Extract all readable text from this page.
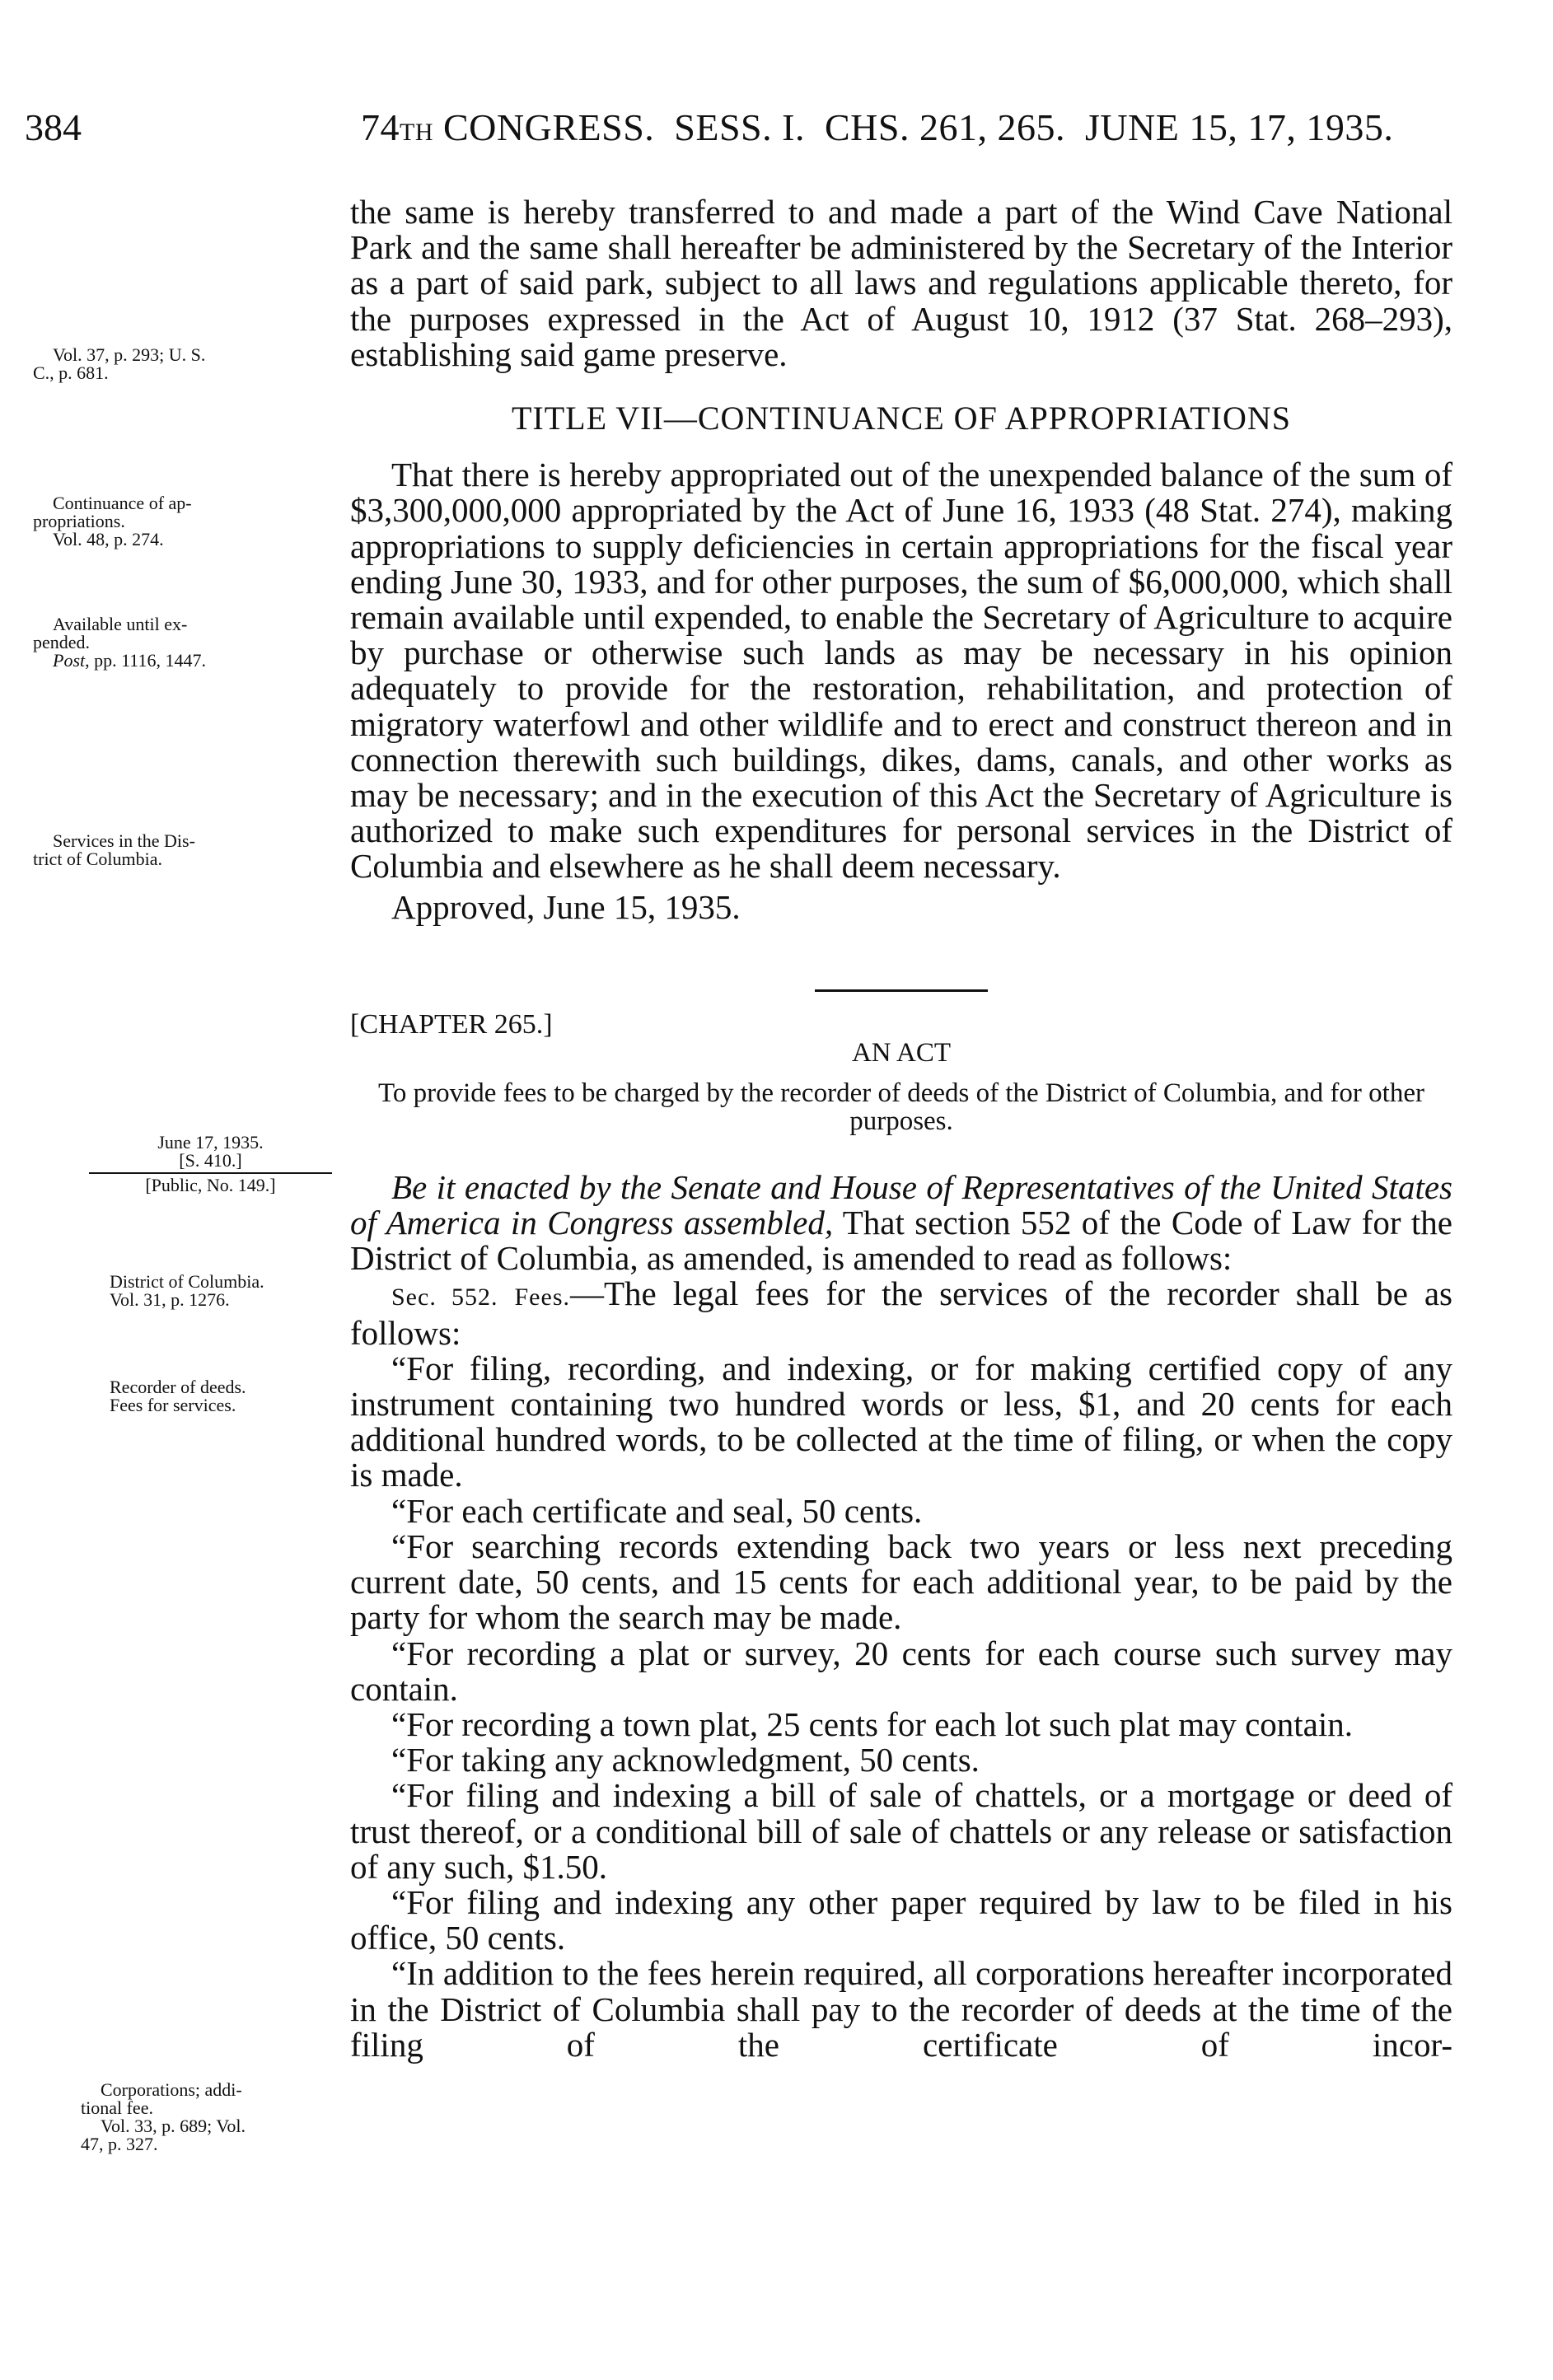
384	74TH CONGRESS.  SESS. I.  CHS. 261, 265.  JUNE 15, 17, 1935.
Vol. 37, p. 293; U. S.
C., p. 681.
Continuance of ap-
propriations.
Vol. 48, p. 274.
Available until ex-
pended.
Post, pp. 1116, 1447.
Services in the Dis-
trict of Columbia.
June 17, 1935.
[S. 410.]
[Public, No. 149.]
District of Columbia.
Vol. 31, p. 1276.
Recorder of deeds.
Fees for services.
Corporations; addi-
tional fee.
Vol. 33, p. 689; Vol.
47, p. 327.

the same is hereby transferred to and made a part of the Wind Cave National Park and the same shall hereafter be administered by the Secretary of the Interior as a part of said park, subject to all laws and regulations applicable thereto, for the purposes expressed in the Act of August 10, 1912 (37 Stat. 268–293), establishing said game preserve.

TITLE VII—CONTINUANCE OF APPROPRIATIONS

That there is hereby appropriated out of the unexpended balance of the sum of $3,300,000,000 appropriated by the Act of June 16, 1933 (48 Stat. 274), making appropriations to supply deficiencies in certain appropriations for the fiscal year ending June 30, 1933, and for other purposes, the sum of $6,000,000, which shall remain available until expended, to enable the Secretary of Agriculture to acquire by purchase or otherwise such lands as may be necessary in his opinion adequately to provide for the restoration, rehabilitation, and protection of migratory waterfowl and other wildlife and to erect and construct thereon and in connection therewith such buildings, dikes, dams, canals, and other works as may be necessary; and in the execution of this Act the Secretary of Agriculture is authorized to make such expenditures for personal services in the District of Columbia and elsewhere as he shall deem necessary.

Approved, June 15, 1935.

[CHAPTER 265.]

AN ACT

To provide fees to be charged by the recorder of deeds of the District of Columbia, and for other purposes.

Be it enacted by the Senate and House of Representatives of the United States of America in Congress assembled, That section 552 of the Code of Law for the District of Columbia, as amended, is amended to read as follows:

Sec. 552. Fees.—The legal fees for the services of the recorder shall be as follows:

“For filing, recording, and indexing, or for making certified copy of any instrument containing two hundred words or less, $1, and 20 cents for each additional hundred words, to be collected at the time of filing, or when the copy is made.

“For each certificate and seal, 50 cents.

“For searching records extending back two years or less next preceding current date, 50 cents, and 15 cents for each additional year, to be paid by the party for whom the search may be made.

“For recording a plat or survey, 20 cents for each course such survey may contain.

“For recording a town plat, 25 cents for each lot such plat may contain.

“For taking any acknowledgment, 50 cents.

“For filing and indexing a bill of sale of chattels, or a mortgage or deed of trust thereof, or a conditional bill of sale of chattels or any release or satisfaction of any such, $1.50.

“For filing and indexing any other paper required by law to be filed in his office, 50 cents.

“In addition to the fees herein required, all corporations hereafter incorporated in the District of Columbia shall pay to the recorder of deeds at the time of the filing of the certificate of incor-
